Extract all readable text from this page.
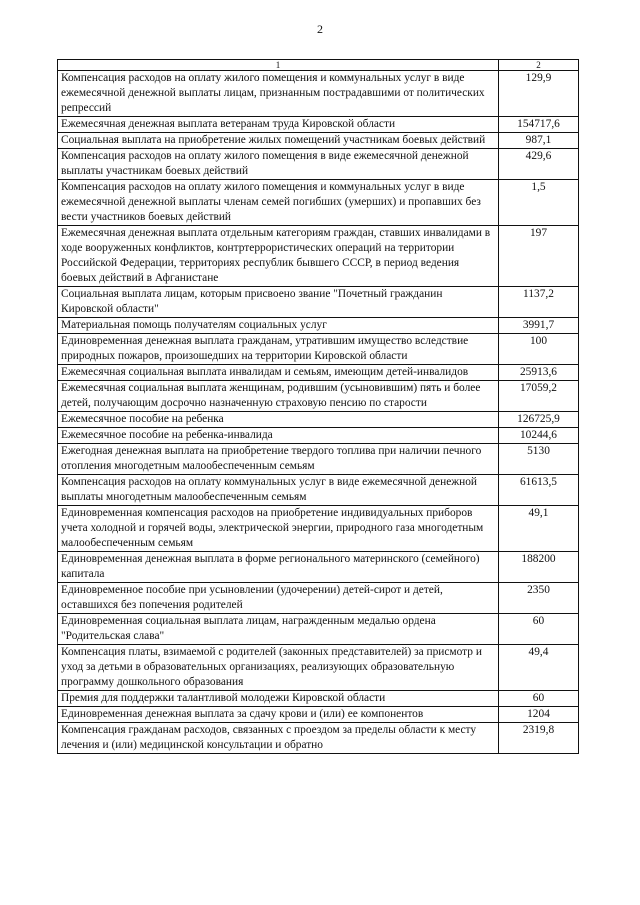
2
1	2
Компенсация расходов на оплату жилого помещения и коммунальных услуг в виде ежемесячной денежной выплаты лицам, признанным пострадавшими от политических репрессий	129,9
Ежемесячная денежная выплата ветеранам труда Кировской области	154717,6
Социальная выплата на приобретение жилых помещений участникам боевых действий	987,1
Компенсация расходов на оплату жилого помещения в виде ежемесячной денежной выплаты участникам боевых действий	429,6
Компенсация расходов на оплату жилого помещения и коммунальных услуг в виде ежемесячной денежной выплаты членам семей погибших (умерших) и пропавших без вести участников боевых действий	1,5
Ежемесячная денежная выплата отдельным категориям граждан, ставших инвалидами в ходе вооруженных конфликтов, контртеррористических операций на территории Российской Федерации, территориях республик бывшего СССР, в период ведения боевых действий в Афганистане	197
Социальная выплата лицам, которым присвоено звание "Почетный гражданин Кировской области"	1137,2
Материальная помощь получателям социальных услуг	3991,7
Единовременная денежная выплата гражданам, утратившим имущество вследствие природных пожаров, произошедших на территории Кировской области	100
Ежемесячная социальная выплата инвалидам и семьям, имеющим детей-инвалидов	25913,6
Ежемесячная социальная выплата женщинам, родившим (усыновившим) пять и более детей, получающим досрочно назначенную страховую пенсию по старости	17059,2
Ежемесячное пособие на ребенка	126725,9
Ежемесячное пособие на ребенка-инвалида	10244,6
Ежегодная денежная выплата на приобретение твердого топлива при наличии печного отопления многодетным малообеспеченным семьям	5130
Компенсация расходов на оплату коммунальных услуг в виде ежемесячной денежной выплаты многодетным малообеспеченным семьям	61613,5
Единовременная компенсация расходов на приобретение индивидуальных приборов учета холодной и горячей воды, электрической энергии, природного газа многодетным малообеспеченным семьям	49,1
Единовременная денежная выплата в форме регионального материнского (семейного) капитала	188200
Единовременное пособие при усыновлении (удочерении) детей-сирот и детей, оставшихся без попечения родителей	2350
Единовременная социальная выплата лицам, награжденным медалью ордена "Родительская слава"	60
Компенсация платы, взимаемой с родителей (законных представителей) за присмотр и уход за детьми в образовательных организациях, реализующих образовательную программу дошкольного образования	49,4
Премия для поддержки талантливой молодежи Кировской области	60
Единовременная денежная выплата за сдачу крови и (или) ее компонентов	1204
Компенсация гражданам расходов, связанных с проездом за пределы области к месту лечения и (или) медицинской консультации и обратно	2319,8
